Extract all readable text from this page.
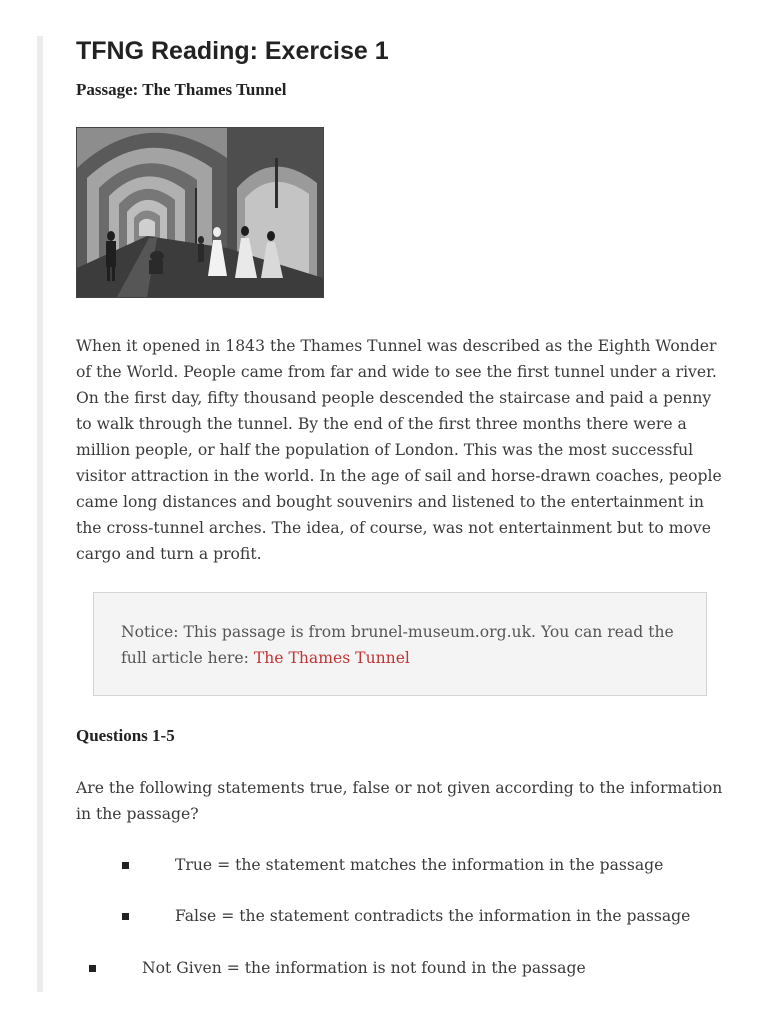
TFNG Reading: Exercise 1

Passage: The Thames Tunnel

When it opened in 1843 the Thames Tunnel was described as the Eighth Wonder of the World. People came from far and wide to see the first tunnel under a river. On the first day, fifty thousand people descended the staircase and paid a penny to walk through the tunnel. By the end of the first three months there were a million people, or half the population of London. This was the most successful visitor attraction in the world. In the age of sail and horse-drawn coaches, people came long distances and bought souvenirs and listened to the entertainment in the cross-tunnel arches. The idea, of course, was not entertainment but to move cargo and turn a profit.

Notice: This passage is from brunel-museum.org.uk. You can read the full article here: The Thames Tunnel

Questions 1-5

Are the following statements true, false or not given according to the information in the passage?

True = the statement matches the information in the passage
False = the statement contradicts the information in the passage
Not Given = the information is not found in the passage
